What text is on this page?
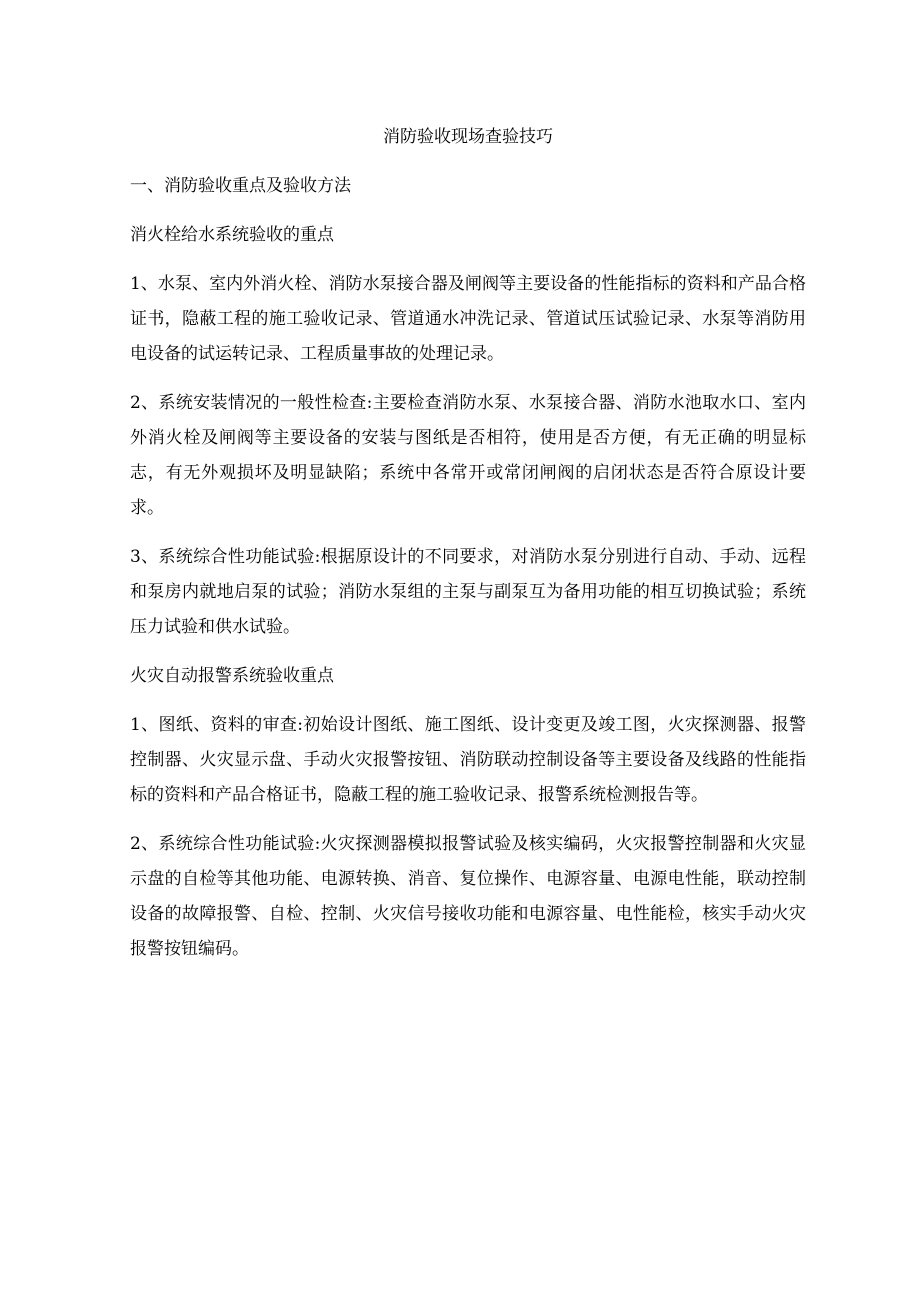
消防验收现场查验技巧

一、消防验收重点及验收方法

消火栓给水系统验收的重点

1、水泵、室内外消火栓、消防水泵接合器及闸阀等主要设备的性能指标的资料和产品合格证书，隐蔽工程的施工验收记录、管道通水冲洗记录、管道试压试验记录、水泵等消防用电设备的试运转记录、工程质量事故的处理记录。

2、系统安装情况的一般性检查:主要检查消防水泵、水泵接合器、消防水池取水口、室内外消火栓及闸阀等主要设备的安装与图纸是否相符，使用是否方便，有无正确的明显标志，有无外观损坏及明显缺陷；系统中各常开或常闭闸阀的启闭状态是否符合原设计要求。

3、系统综合性功能试验:根据原设计的不同要求，对消防水泵分别进行自动、手动、远程和泵房内就地启泵的试验；消防水泵组的主泵与副泵互为备用功能的相互切换试验；系统压力试验和供水试验。

火灾自动报警系统验收重点

1、图纸、资料的审查:初始设计图纸、施工图纸、设计变更及竣工图，火灾探测器、报警控制器、火灾显示盘、手动火灾报警按钮、消防联动控制设备等主要设备及线路的性能指标的资料和产品合格证书，隐蔽工程的施工验收记录、报警系统检测报告等。

2、系统综合性功能试验:火灾探测器模拟报警试验及核实编码，火灾报警控制器和火灾显示盘的自检等其他功能、电源转换、消音、复位操作、电源容量、电源电性能，联动控制设备的故障报警、自检、控制、火灾信号接收功能和电源容量、电性能检，核实手动火灾报警按钮编码。
